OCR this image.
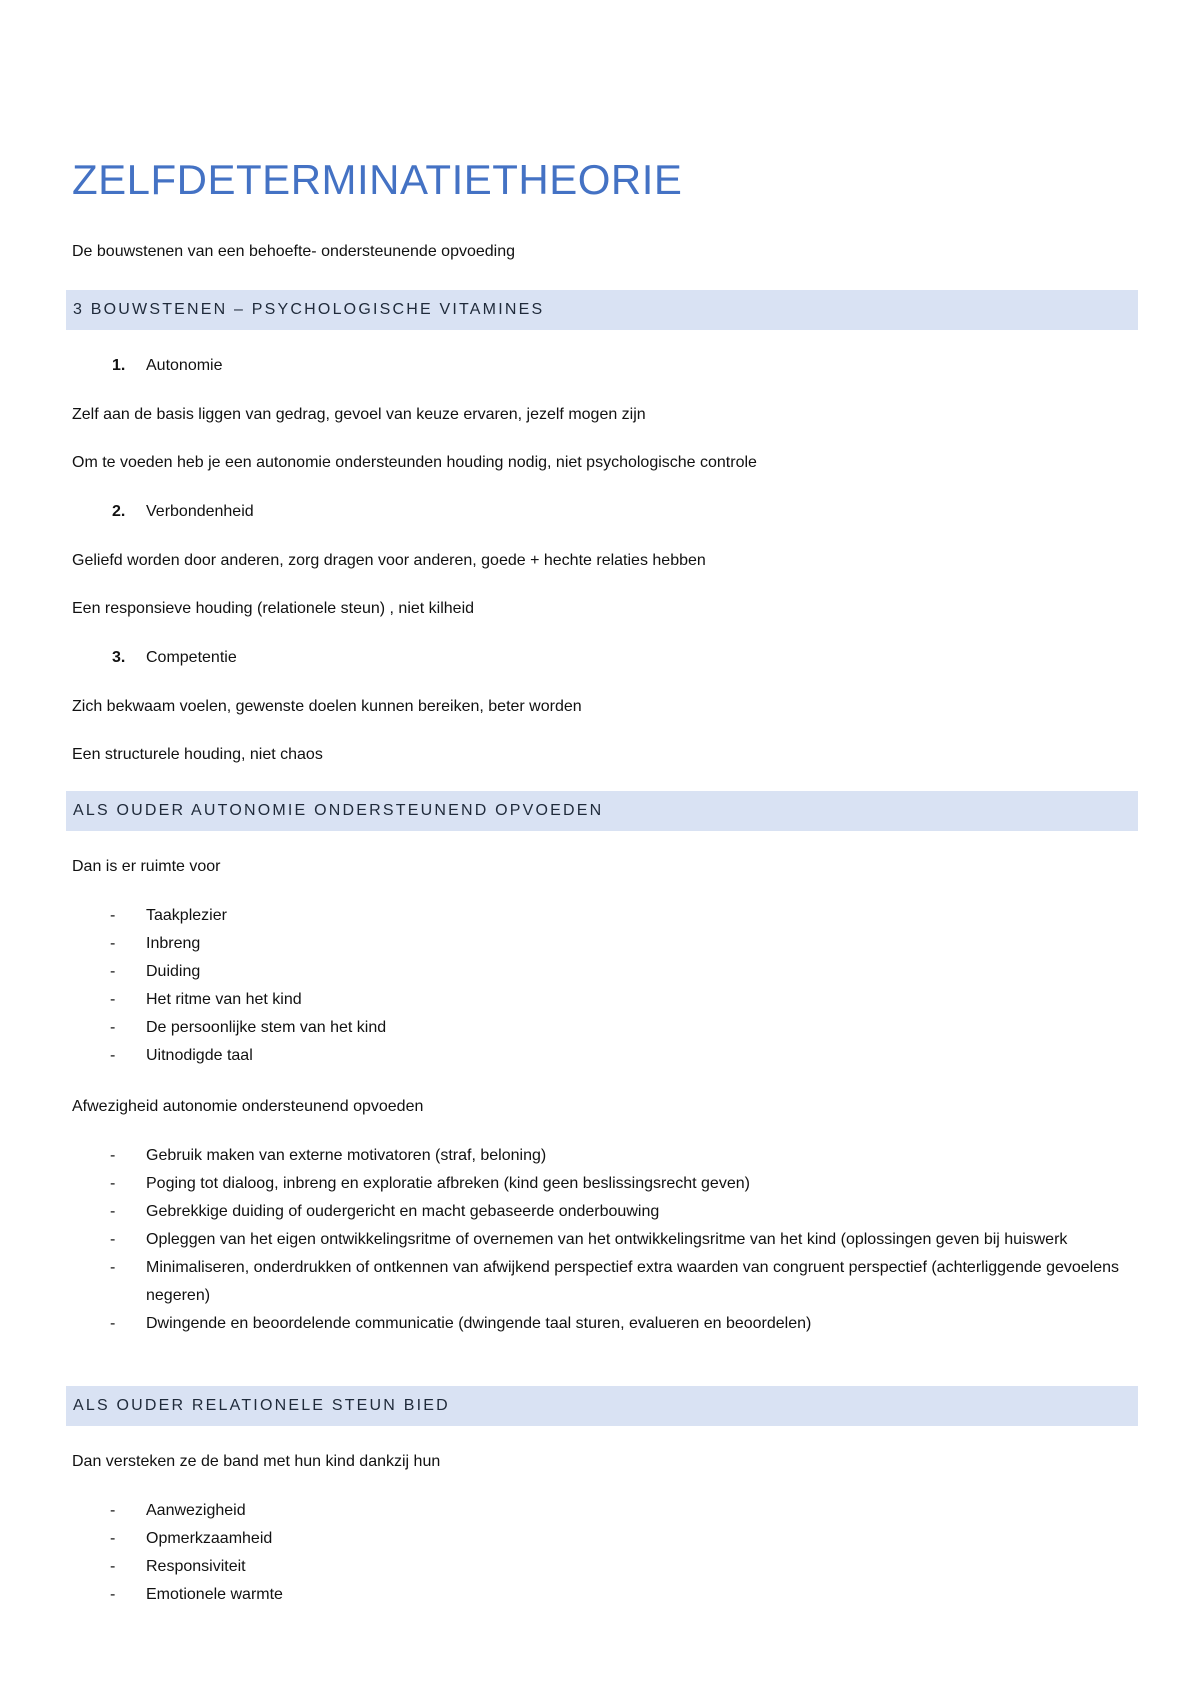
ZELFDETERMINATIETHEORIE

De bouwstenen van een behoefte- ondersteunende opvoeding

3 BOUWSTENEN – PSYCHOLOGISCHE VITAMINES
1. Autonomie

Zelf aan de basis liggen van gedrag, gevoel van keuze ervaren, jezelf mogen zijn

Om te voeden heb je een autonomie ondersteunden houding nodig, niet psychologische controle

2. Verbondenheid

Geliefd worden door anderen, zorg dragen voor anderen, goede + hechte relaties hebben

Een responsieve houding (relationele steun) , niet kilheid

3. Competentie

Zich bekwaam voelen, gewenste doelen kunnen bereiken, beter worden

Een structurele houding, niet chaos

ALS OUDER AUTONOMIE ONDERSTEUNEND OPVOEDEN

Dan is er ruimte voor

- Taakplezier
- Inbreng
- Duiding
- Het ritme van het kind
- De persoonlijke stem van het kind
- Uitnodigde taal

Afwezigheid autonomie ondersteunend opvoeden

- Gebruik maken van externe motivatoren (straf, beloning)
- Poging tot dialoog, inbreng en exploratie afbreken (kind geen beslissingsrecht geven)
- Gebrekkige duiding of oudergericht en macht gebaseerde onderbouwing
- Opleggen van het eigen ontwikkelingsritme of overnemen van het ontwikkelingsritme van het kind (oplossingen geven bij huiswerk
- Minimaliseren, onderdrukken of ontkennen van afwijkend perspectief extra waarden van congruent perspectief (achterliggende gevoelens negeren)
- Dwingende en beoordelende communicatie (dwingende taal sturen, evalueren en beoordelen)
ALS OUDER RELATIONELE STEUN BIED

Dan versteken ze de band met hun kind dankzij hun

- Aanwezigheid
- Opmerkzaamheid
- Responsiviteit
- Emotionele warmte
